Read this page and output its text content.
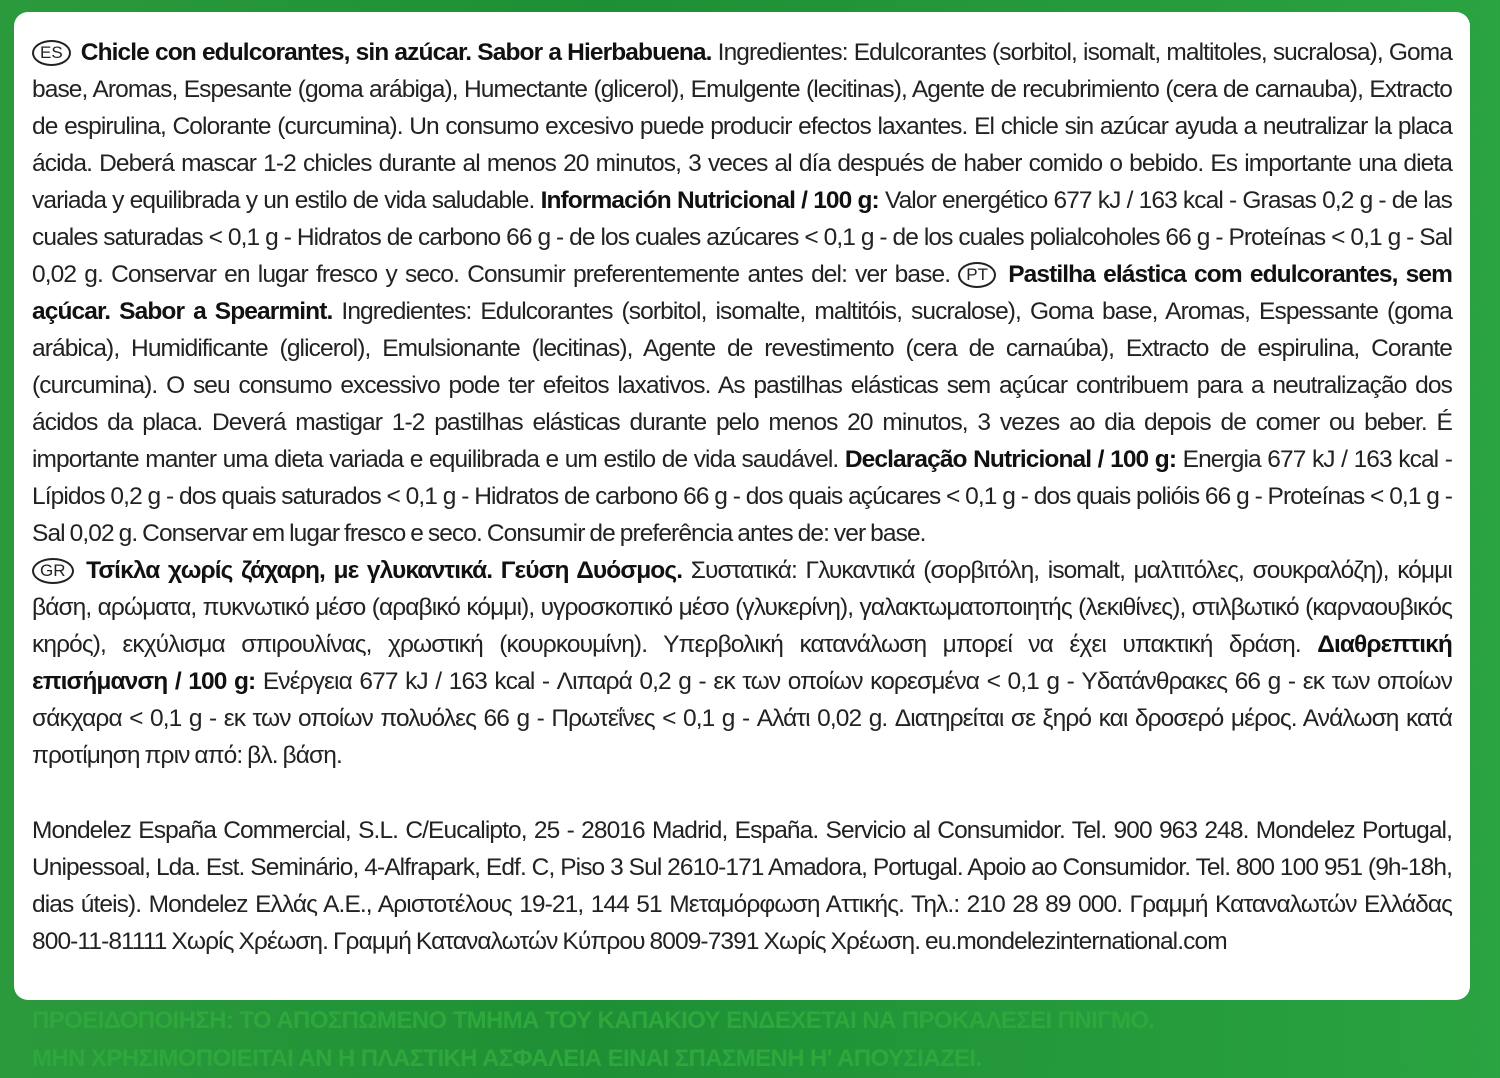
ES Chicle con edulcorantes, sin azúcar. Sabor a Hierbabuena. Ingredientes: Edulcorantes (sorbitol, isomalt, maltitoles, sucralosa), Goma base, Aromas, Espesante (goma arábiga), Humectante (glicerol), Emulgente (lecitinas), Agente de recubrimiento (cera de carnauba), Extracto de espirulina, Colorante (curcumina). Un consumo excesivo puede producir efectos laxantes. El chicle sin azúcar ayuda a neutralizar la placa ácida. Deberá mascar 1-2 chicles durante al menos 20 minutos, 3 veces al día después de haber comido o bebido. Es importante una dieta variada y equilibrada y un estilo de vida saludable. Información Nutricional / 100 g: Valor energético 677 kJ / 163 kcal - Grasas 0,2 g - de las cuales saturadas < 0,1 g - Hidratos de carbono 66 g - de los cuales azúcares < 0,1 g - de los cuales polialcoholes 66 g - Proteínas < 0,1 g - Sal 0,02 g. Conservar en lugar fresco y seco. Consumir preferentemente antes del: ver base. PT Pastilha elástica com edulcorantes, sem açúcar. Sabor a Spearmint. Ingredientes: Edulcorantes (sorbitol, isomalte, maltitóis, sucralose), Goma base, Aromas, Espessante (goma arábica), Humidificante (glicerol), Emulsionante (lecitinas), Agente de revestimento (cera de carnaúba), Extracto de espirulina, Corante (curcumina). O seu consumo excessivo pode ter efeitos laxativos. As pastilhas elásticas sem açúcar contribuem para a neutralização dos ácidos da placa. Deverá mastigar 1-2 pastilhas elásticas durante pelo menos 20 minutos, 3 vezes ao dia depois de comer ou beber. É importante manter uma dieta variada e equilibrada e um estilo de vida saudável. Declaração Nutricional / 100 g: Energia 677 kJ / 163 kcal - Lípidos 0,2 g - dos quais saturados < 0,1 g - Hidratos de carbono 66 g - dos quais açúcares < 0,1 g - dos quais polióis 66 g - Proteínas < 0,1 g - Sal 0,02 g. Conservar em lugar fresco e seco. Consumir de preferência antes de: ver base.
GR Τσίκλα χωρίς ζάχαρη, με γλυκαντικά. Γεύση Δυόσμος. Συστατικά: Γλυκαντικά (σορβιτόλη, isomalt, μαλτιτόλες, σουκραλόζη), κόμμι βάση, αρώματα, πυκνωτικό μέσο (αραβικό κόμμι), υγροσκοπικό μέσο (γλυκερίνη), γαλακτωματοποιητής (λεκιθίνες), στιλβωτικό (καρναουβικός κηρός), εκχύλισμα σπιρουλίνας, χρωστική (κουρκουμίνη). Υπερβολική κατανάλωση μπορεί να έχει υπακτική δράση. Διαθρεπτική επισήμανση / 100 g: Ενέργεια 677 kJ / 163 kcal - Λιπαρά 0,2 g - εκ των οποίων κορεσμένα < 0,1 g - Υδατάνθρακες 66 g - εκ των οποίων σάκχαρα < 0,1 g - εκ των οποίων πολυόλες 66 g - Πρωτεΐνες < 0,1 g - Αλάτι 0,02 g. Διατηρείται σε ξηρό και δροσερό μέρος. Ανάλωση κατά προτίμηση πριν από: βλ. βάση.

Mondelez España Commercial, S.L. C/Eucalipto, 25 - 28016 Madrid, España. Servicio al Consumidor. Tel. 900 963 248. Mondelez Portugal, Unipessoal, Lda. Est. Seminário, 4-Alfrapark, Edf. C, Piso 3 Sul 2610-171 Amadora, Portugal. Apoio ao Consumidor. Tel. 800 100 951 (9h-18h, dias úteis). Mondelez Ελλάς Α.Ε., Αριστοτέλους 19-21, 144 51 Μεταμόρφωση Αττικής. Τηλ.: 210 28 89 000. Γραμμή Καταναλωτών Ελλάδας 800-11-81111 Χωρίς Χρέωση. Γραμμή Καταναλωτών Κύπρου 8009-7391 Χωρίς Χρέωση. eu.mondelezinternational.com

ΠΡΟΕΙΔΟΠΟΙΗΣΗ: ΤΟ ΑΠΟΣΠΩΜΕΝΟ ΤΜΗΜΑ ΤΟΥ ΚΑΠΑΚΙΟΥ ΕΝΔΕΧΕΤΑΙ ΝΑ ΠΡΟΚΑΛΕΣΕΙ ΠΝΙΓΜΟ.
ΜΗΝ ΧΡΗΣΙΜΟΠΟΙΕΙΤΑΙ ΑΝ Η ΠΛΑΣΤΙΚΗ ΑΣΦΑΛΕΙΑ ΕΙΝΑΙ ΣΠΑΣΜΕΝΗ Η' ΑΠΟΥΣΙΑΖΕΙ.
